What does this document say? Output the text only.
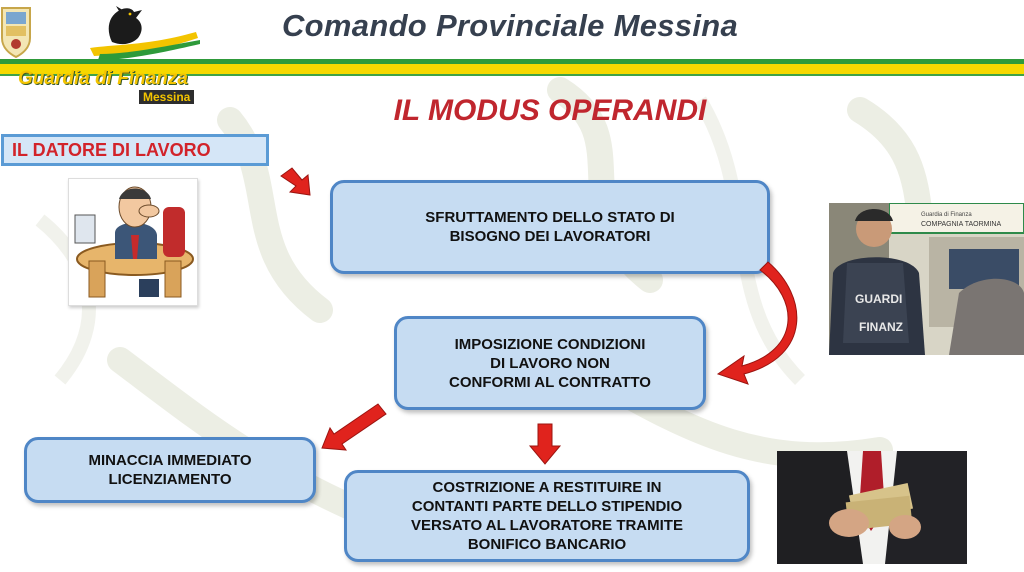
Guardia di Finanza
Messina
Comando Provinciale Messina
IL MODUS OPERANDI
IL DATORE DI LAVORO
Guardia di Finanza
COMPAGNIA TAORMINA
GUARDI
FINANZ
SFRUTTAMENTO DELLO STATO DI
BISOGNO DEI LAVORATORI
IMPOSIZIONE CONDIZIONI
DI LAVORO NON
CONFORMI AL CONTRATTO
MINACCIA IMMEDIATO
LICENZIAMENTO	COSTRIZIONE A RESTITUIRE IN
CONTANTI PARTE DELLO STIPENDIO
VERSATO AL LAVORATORE TRAMITE
BONIFICO BANCARIO
